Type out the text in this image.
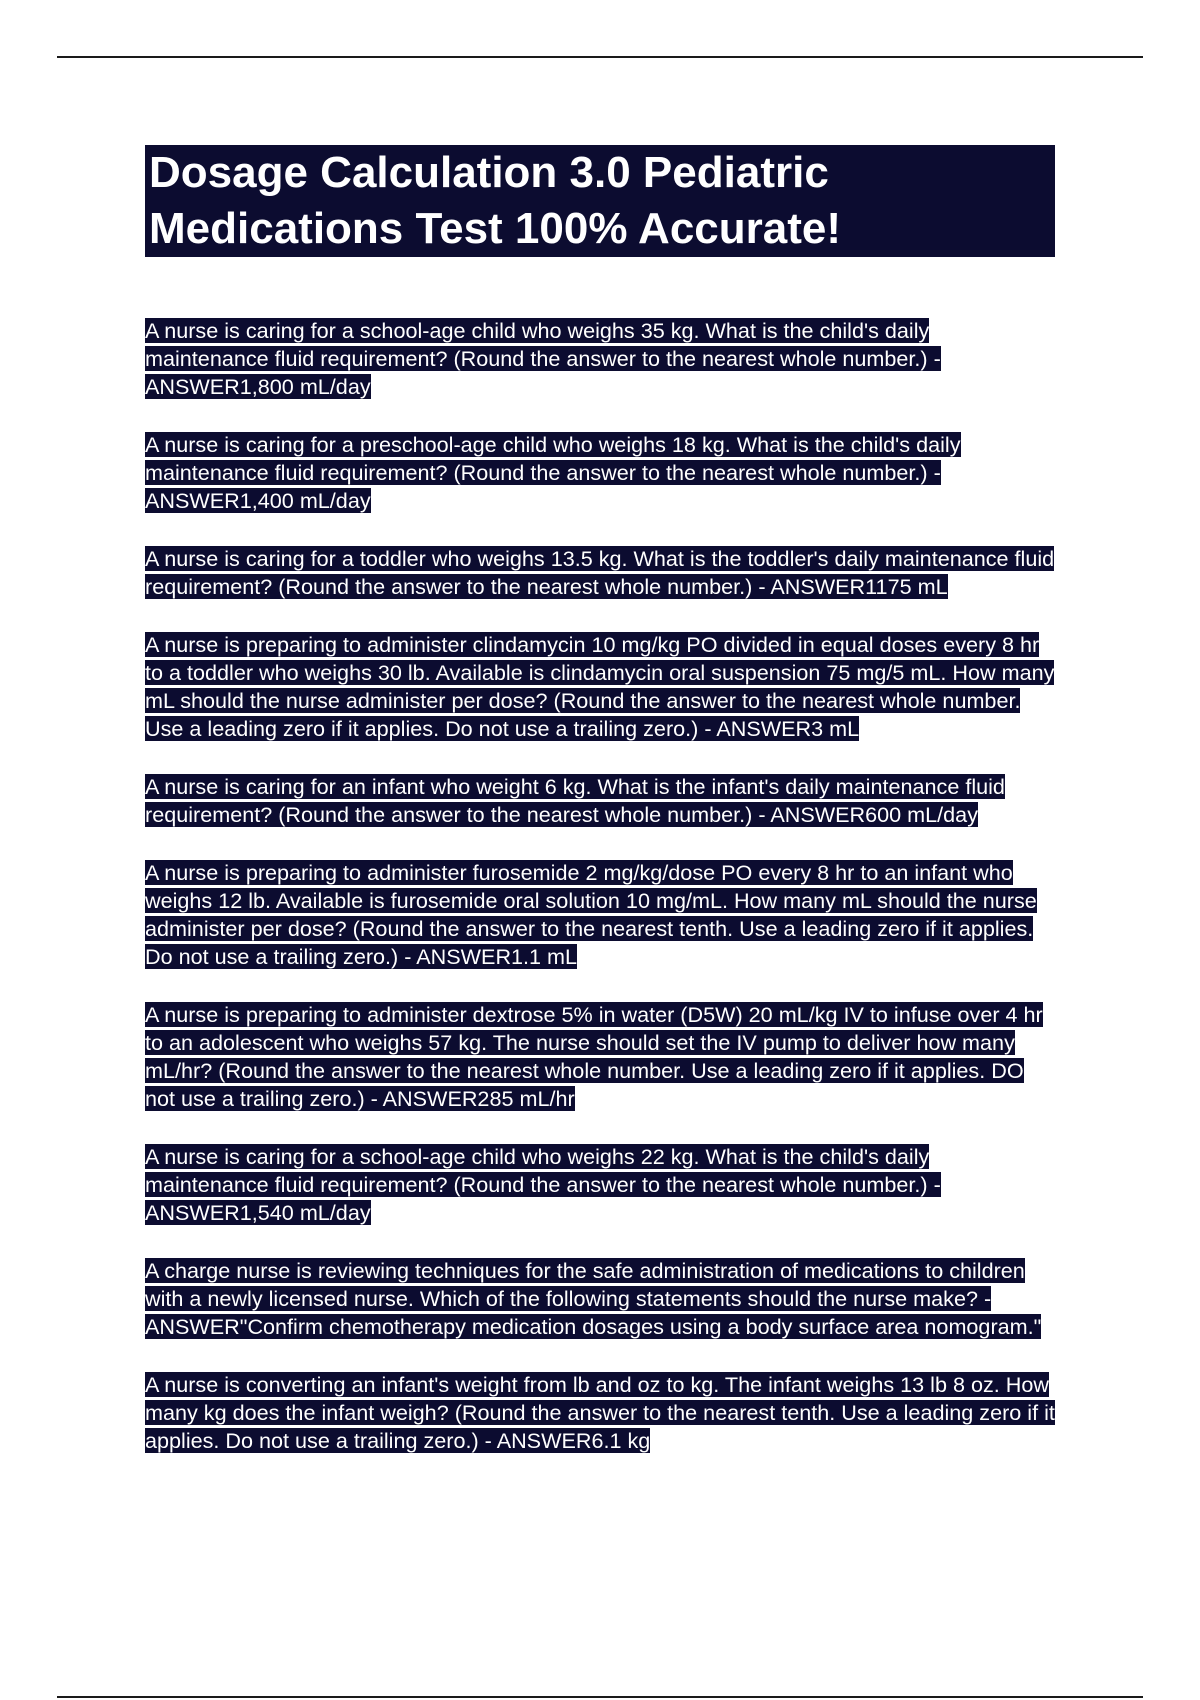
Dosage Calculation 3.0 Pediatric
Medications Test 100% Accurate!
A nurse is caring for a school-age child who weighs 35 kg. What is the child's daily maintenance fluid requirement? (Round the answer to the nearest whole number.) - ANSWER1,800 mL/day
A nurse is caring for a preschool-age child who weighs 18 kg. What is the child's daily maintenance fluid requirement? (Round the answer to the nearest whole number.) - ANSWER1,400 mL/day
A nurse is caring for a toddler who weighs 13.5 kg. What is the toddler's daily maintenance fluid requirement? (Round the answer to the nearest whole number.) - ANSWER1175 mL
A nurse is preparing to administer clindamycin 10 mg/kg PO divided in equal doses every 8 hr to a toddler who weighs 30 lb. Available is clindamycin oral suspension 75 mg/5 mL. How many mL should the nurse administer per dose? (Round the answer to the nearest whole number. Use a leading zero if it applies. Do not use a trailing zero.) - ANSWER3 mL
A nurse is caring for an infant who weight 6 kg. What is the infant's daily maintenance fluid requirement? (Round the answer to the nearest whole number.) - ANSWER600 mL/day
A nurse is preparing to administer furosemide 2 mg/kg/dose PO every 8 hr to an infant who weighs 12 lb. Available is furosemide oral solution 10 mg/mL. How many mL should the nurse administer per dose? (Round the answer to the nearest tenth. Use a leading zero if it applies. Do not use a trailing zero.) - ANSWER1.1 mL
A nurse is preparing to administer dextrose 5% in water (D5W) 20 mL/kg IV to infuse over 4 hr to an adolescent who weighs 57 kg. The nurse should set the IV pump to deliver how many mL/hr? (Round the answer to the nearest whole number. Use a leading zero if it applies. DO not use a trailing zero.) - ANSWER285 mL/hr
A nurse is caring for a school-age child who weighs 22 kg. What is the child's daily maintenance fluid requirement? (Round the answer to the nearest whole number.) - ANSWER1,540 mL/day
A charge nurse is reviewing techniques for the safe administration of medications to children with a newly licensed nurse. Which of the following statements should the nurse make? - ANSWER"Confirm chemotherapy medication dosages using a body surface area nomogram."
A nurse is converting an infant's weight from lb and oz to kg. The infant weighs 13 lb 8 oz. How many kg does the infant weigh? (Round the answer to the nearest tenth. Use a leading zero if it applies. Do not use a trailing zero.) - ANSWER6.1 kg
